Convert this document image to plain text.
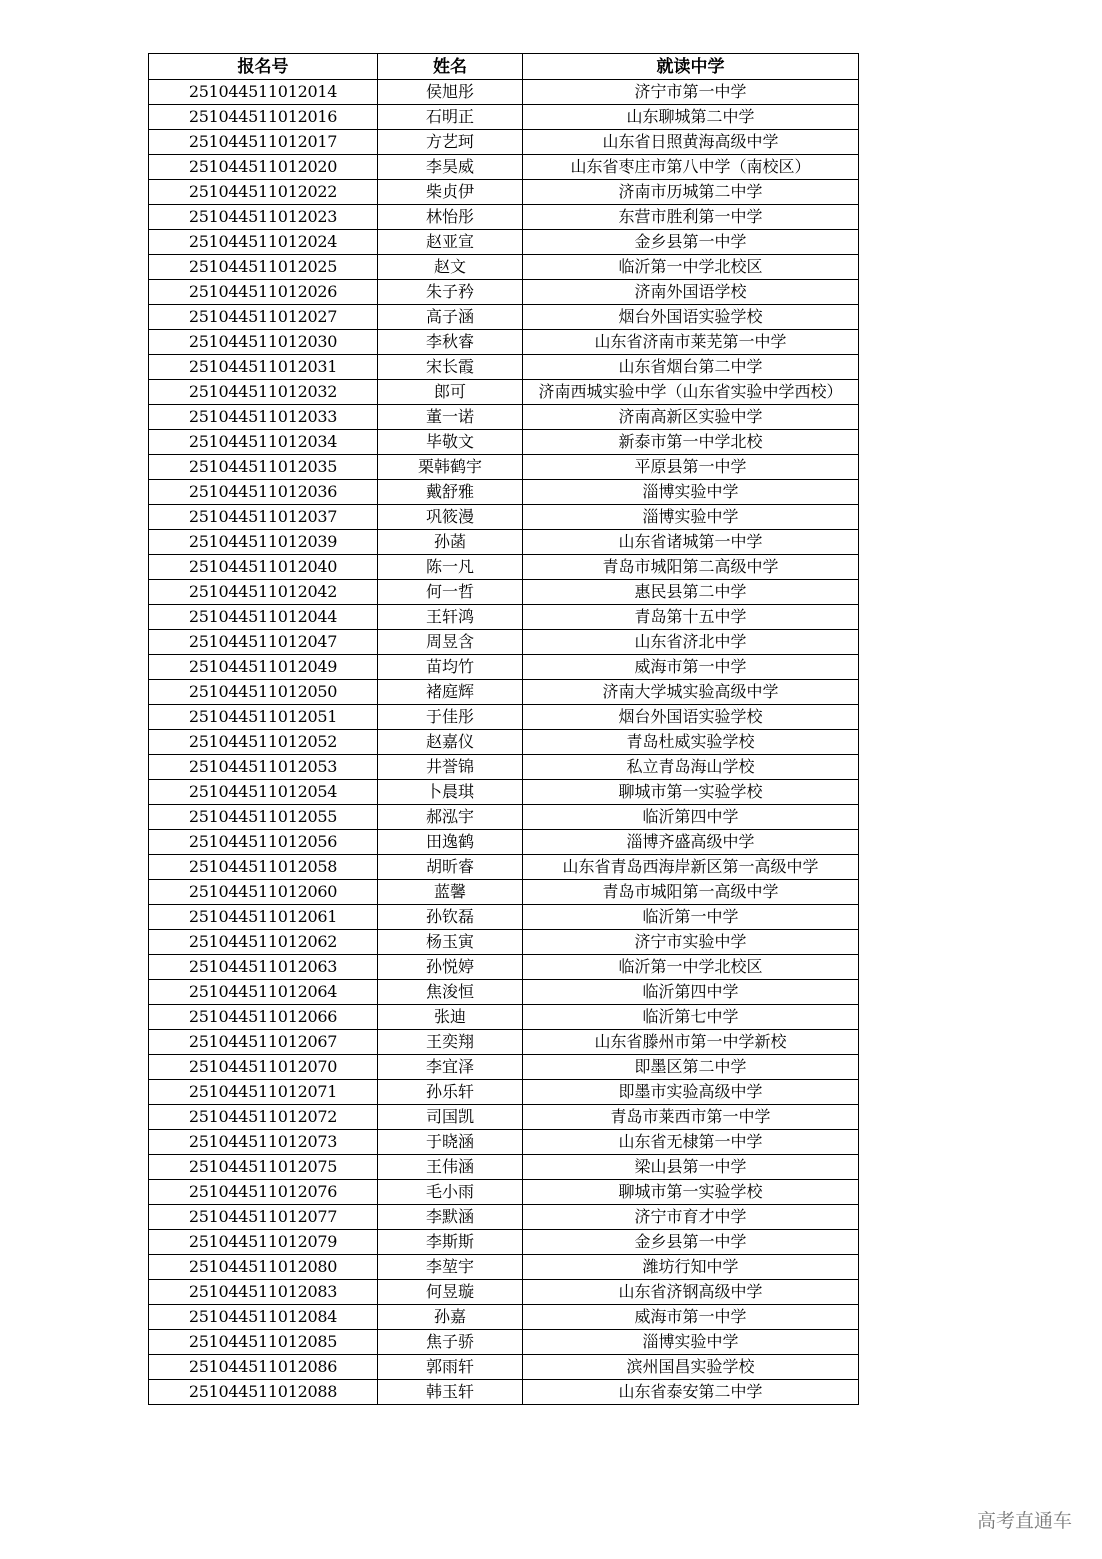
报名号	姓名	就读中学
251044511012014	侯旭彤	济宁市第一中学
251044511012016	石明正	山东聊城第二中学
251044511012017	方艺珂	山东省日照黄海高级中学
251044511012020	李昊威	山东省枣庄市第八中学（南校区）
251044511012022	柴贞伊	济南市历城第二中学
251044511012023	林怡彤	东营市胜利第一中学
251044511012024	赵亚宣	金乡县第一中学
251044511012025	赵文	临沂第一中学北校区
251044511012026	朱子矜	济南外国语学校
251044511012027	高子涵	烟台外国语实验学校
251044511012030	李秋睿	山东省济南市莱芜第一中学
251044511012031	宋长霞	山东省烟台第二中学
251044511012032	郎可	济南西城实验中学（山东省实验中学西校）
251044511012033	董一诺	济南高新区实验中学
251044511012034	毕敬文	新泰市第一中学北校
251044511012035	栗韩鹤宇	平原县第一中学
251044511012036	戴舒雅	淄博实验中学
251044511012037	巩筱漫	淄博实验中学
251044511012039	孙菡	山东省诸城第一中学
251044511012040	陈一凡	青岛市城阳第二高级中学
251044511012042	何一哲	惠民县第二中学
251044511012044	王轩鸿	青岛第十五中学
251044511012047	周昱含	山东省济北中学
251044511012049	苗均竹	威海市第一中学
251044511012050	褚庭辉	济南大学城实验高级中学
251044511012051	于佳彤	烟台外国语实验学校
251044511012052	赵嘉仪	青岛杜威实验学校
251044511012053	井誉锦	私立青岛海山学校
251044511012054	卜晨琪	聊城市第一实验学校
251044511012055	郝泓宇	临沂第四中学
251044511012056	田逸鹤	淄博齐盛高级中学
251044511012058	胡昕睿	山东省青岛西海岸新区第一高级中学
251044511012060	蓝馨	青岛市城阳第一高级中学
251044511012061	孙钦磊	临沂第一中学
251044511012062	杨玉寅	济宁市实验中学
251044511012063	孙悦婷	临沂第一中学北校区
251044511012064	焦浚恒	临沂第四中学
251044511012066	张迪	临沂第七中学
251044511012067	王奕翔	山东省滕州市第一中学新校
251044511012070	李宜泽	即墨区第二中学
251044511012071	孙乐轩	即墨市实验高级中学
251044511012072	司国凯	青岛市莱西市第一中学
251044511012073	于晓涵	山东省无棣第一中学
251044511012075	王伟涵	梁山县第一中学
251044511012076	毛小雨	聊城市第一实验学校
251044511012077	李默涵	济宁市育才中学
251044511012079	李斯斯	金乡县第一中学
251044511012080	李堃宇	潍坊行知中学
251044511012083	何昱璇	山东省济钢高级中学
251044511012084	孙嘉	威海市第一中学
251044511012085	焦子骄	淄博实验中学
251044511012086	郭雨轩	滨州国昌实验学校
251044511012088	韩玉轩	山东省泰安第二中学
高考直通车
